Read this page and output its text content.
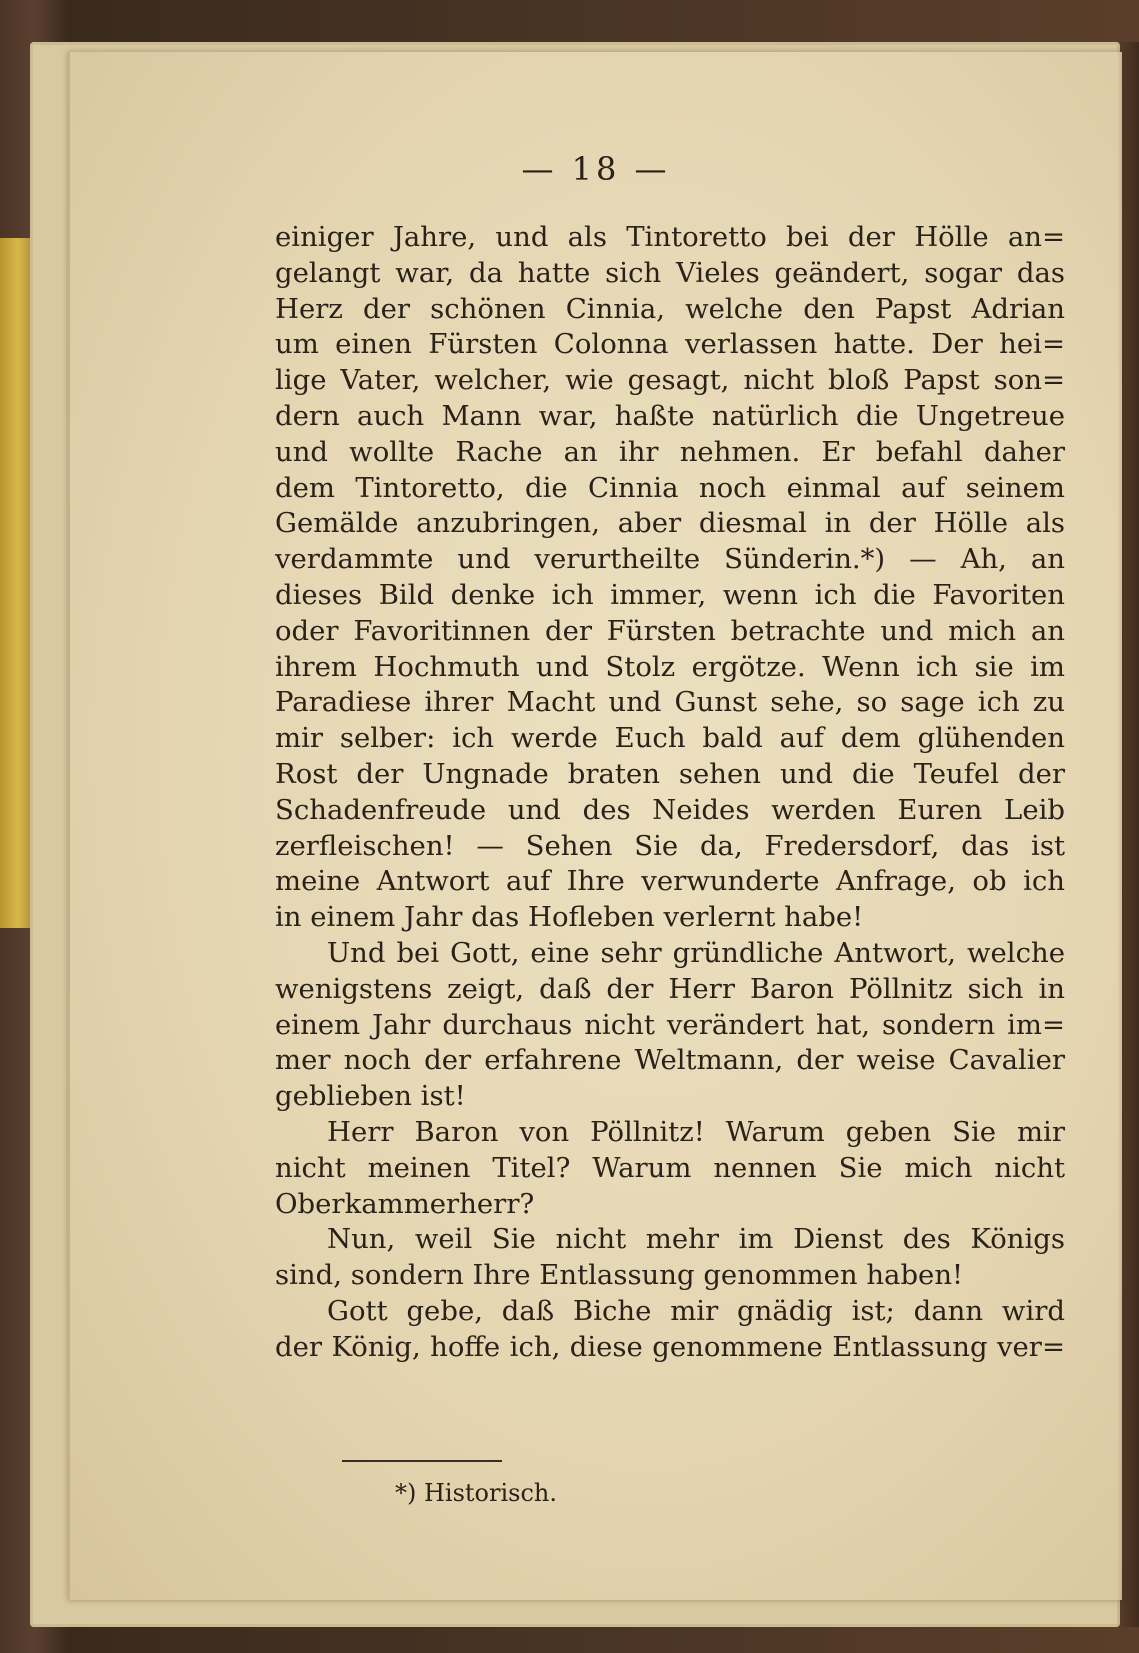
— 18 —
einiger Jahre, und als Tintoretto bei der Hölle an=
gelangt war, da hatte sich Vieles geändert, sogar das
Herz der schönen Cinnia, welche den Papst Adrian
um einen Fürsten Colonna verlassen hatte. Der hei=
lige Vater, welcher, wie gesagt, nicht bloß Papst son=
dern auch Mann war, haßte natürlich die Ungetreue
und wollte Rache an ihr nehmen. Er befahl daher
dem Tintoretto, die Cinnia noch einmal auf seinem
Gemälde anzubringen, aber diesmal in der Hölle als
verdammte und verurtheilte Sünderin.*) — Ah, an
dieses Bild denke ich immer, wenn ich die Favoriten
oder Favoritinnen der Fürsten betrachte und mich an
ihrem Hochmuth und Stolz ergötze. Wenn ich sie im
Paradiese ihrer Macht und Gunst sehe, so sage ich zu
mir selber: ich werde Euch bald auf dem glühenden
Rost der Ungnade braten sehen und die Teufel der
Schadenfreude und des Neides werden Euren Leib
zerfleischen! — Sehen Sie da, Fredersdorf, das ist
meine Antwort auf Ihre verwunderte Anfrage, ob ich
in einem Jahr das Hofleben verlernt habe!
Und bei Gott, eine sehr gründliche Antwort, welche
wenigstens zeigt, daß der Herr Baron Pöllnitz sich in
einem Jahr durchaus nicht verändert hat, sondern im=
mer noch der erfahrene Weltmann, der weise Cavalier
geblieben ist!
Herr Baron von Pöllnitz! Warum geben Sie mir
nicht meinen Titel? Warum nennen Sie mich nicht
Oberkammerherr?
Nun, weil Sie nicht mehr im Dienst des Königs
sind, sondern Ihre Entlassung genommen haben!
Gott gebe, daß Biche mir gnädig ist; dann wird
der König, hoffe ich, diese genommene Entlassung ver=
*) Historisch.
